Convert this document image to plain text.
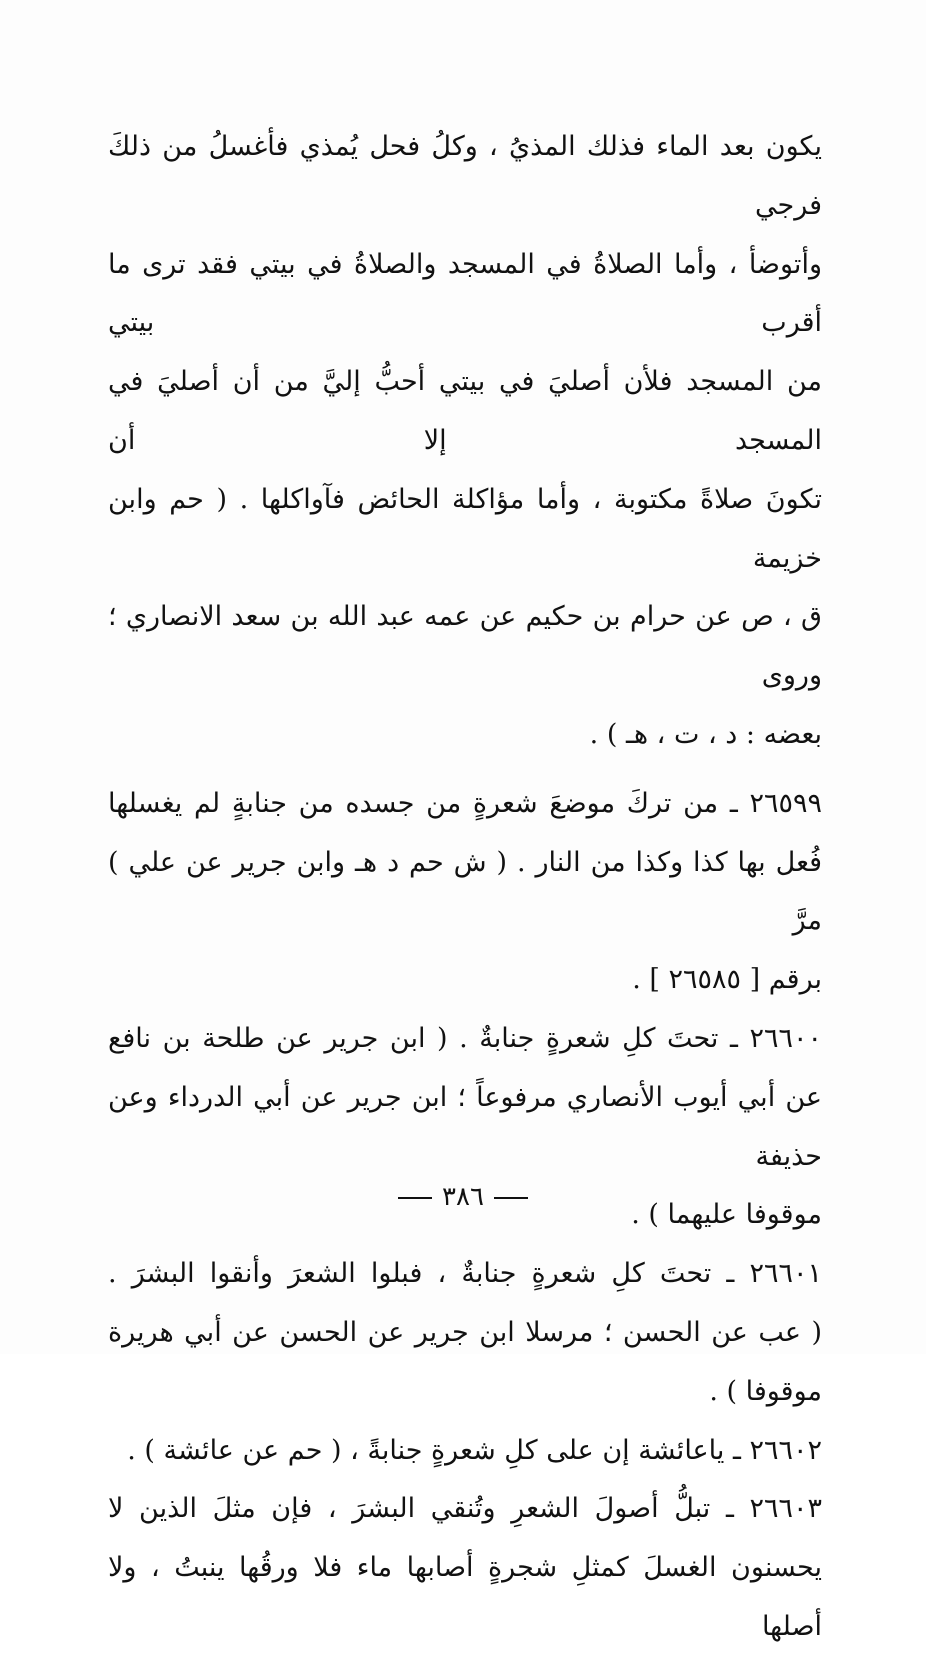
يكون بعد الماء فذلك المذيُ ، وكلُ فحل يُمذي فأغسلُ من ذلكَ فرجي
وأتوضأ ، وأما الصلاةُ في المسجد والصلاةُ في بيتي فقد ترى ما أقرب بيتي
من المسجد فلأن أصليَ في بيتي أحبُّ إليَّ من أن أصليَ في المسجد إلا أن
تكونَ صلاةً مكتوبة ، وأما مؤاكلة الحائض فآواكلها . ( حم وابن خزيمة
ق ، ص عن حرام بن حكيم عن عمه عبد الله بن سعد الانصاري ؛ وروى
بعضه : د ، ت ، هـ ) .

٢٦٥٩٩ ـ من تركَ موضعَ شعرةٍ من جسده من جنابةٍ لم يغسلها
فُعل بها كذا وكذا من النار . ( ش حم د هـ وابن جرير عن علي ) مرَّ
برقم [ ٢٦٥٨٥ ] .

٢٦٦٠٠ ـ تحتَ كلِ شعرةٍ جنابةٌ . ( ابن جرير عن طلحة بن نافع
عن أبي أيوب الأنصاري مرفوعاً ؛ ابن جرير عن أبي الدرداء وعن حذيفة
موقوفا عليهما ) .

٢٦٦٠١ ـ تحتَ كلِ شعرةٍ جنابةٌ ، فبلوا الشعرَ وأنقوا البشرَ .
( عب عن الحسن ؛ مرسلا ابن جرير عن الحسن عن أبي هريرة موقوفا ) .

٢٦٦٠٢ ـ ياعائشة إن على كلِ شعرةٍ جنابةً ، ( حم عن عائشة ) .

٢٦٦٠٣ ـ تبلُّ أصولَ الشعرِ وتُنقي البشرَ ، فإن مثلَ الذين لا
يحسنون الغسلَ كمثلِ شجرةٍ أصابها ماء فلا ورقُها ينبتُ ، ولا أصلها

٣٨٦
